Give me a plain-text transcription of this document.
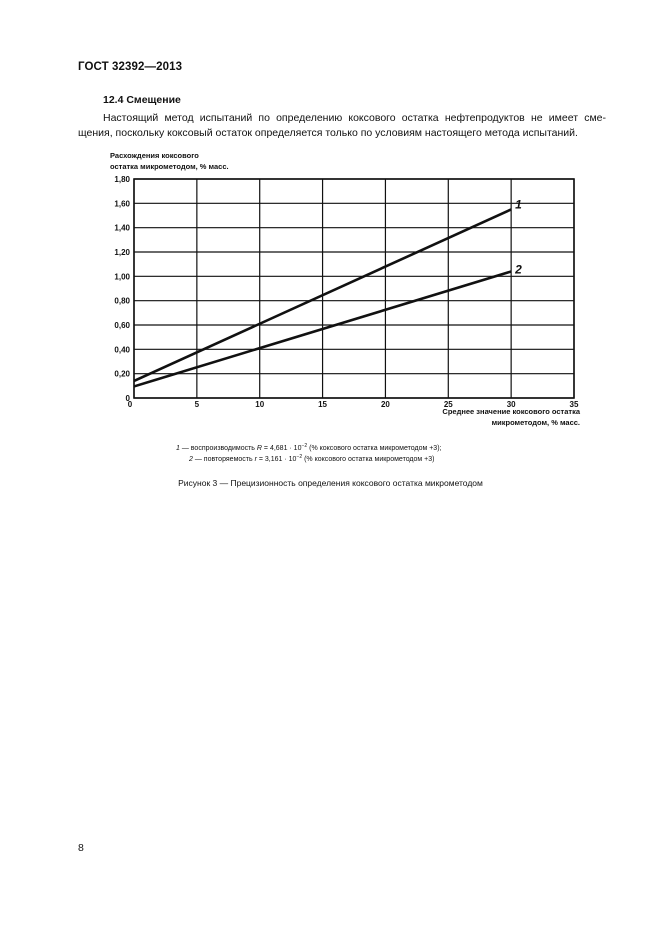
ГОСТ 32392—2013
12.4 Смещение
Настоящий метод испытаний по определению коксового остатка нефтепродуктов не имеет сме-
щения, поскольку коксовый остаток определяется только по условиям настоящего метода испытаний.
Расхождения коксового
остатка микрометодом, % масс.
0	5	10	15	20	25	30	35
0
0,20
0,40
0,60
0,80
1,00
1,20
1,40
1,60
1,80
1
2
Среднее значение коксового остатка
микрометодом, % масс.
1 — воспроизводимость $R = 4,681 \cdot 10^{-2}$ (% коксового остатка микрометодом +3);
2 — повторяемость $r = 3,161 \cdot 10^{-2}$ (% коксового остатка микрометодом +3)
Рисунок 3 — Прецизионность определения коксового остатка микрометодом
8
